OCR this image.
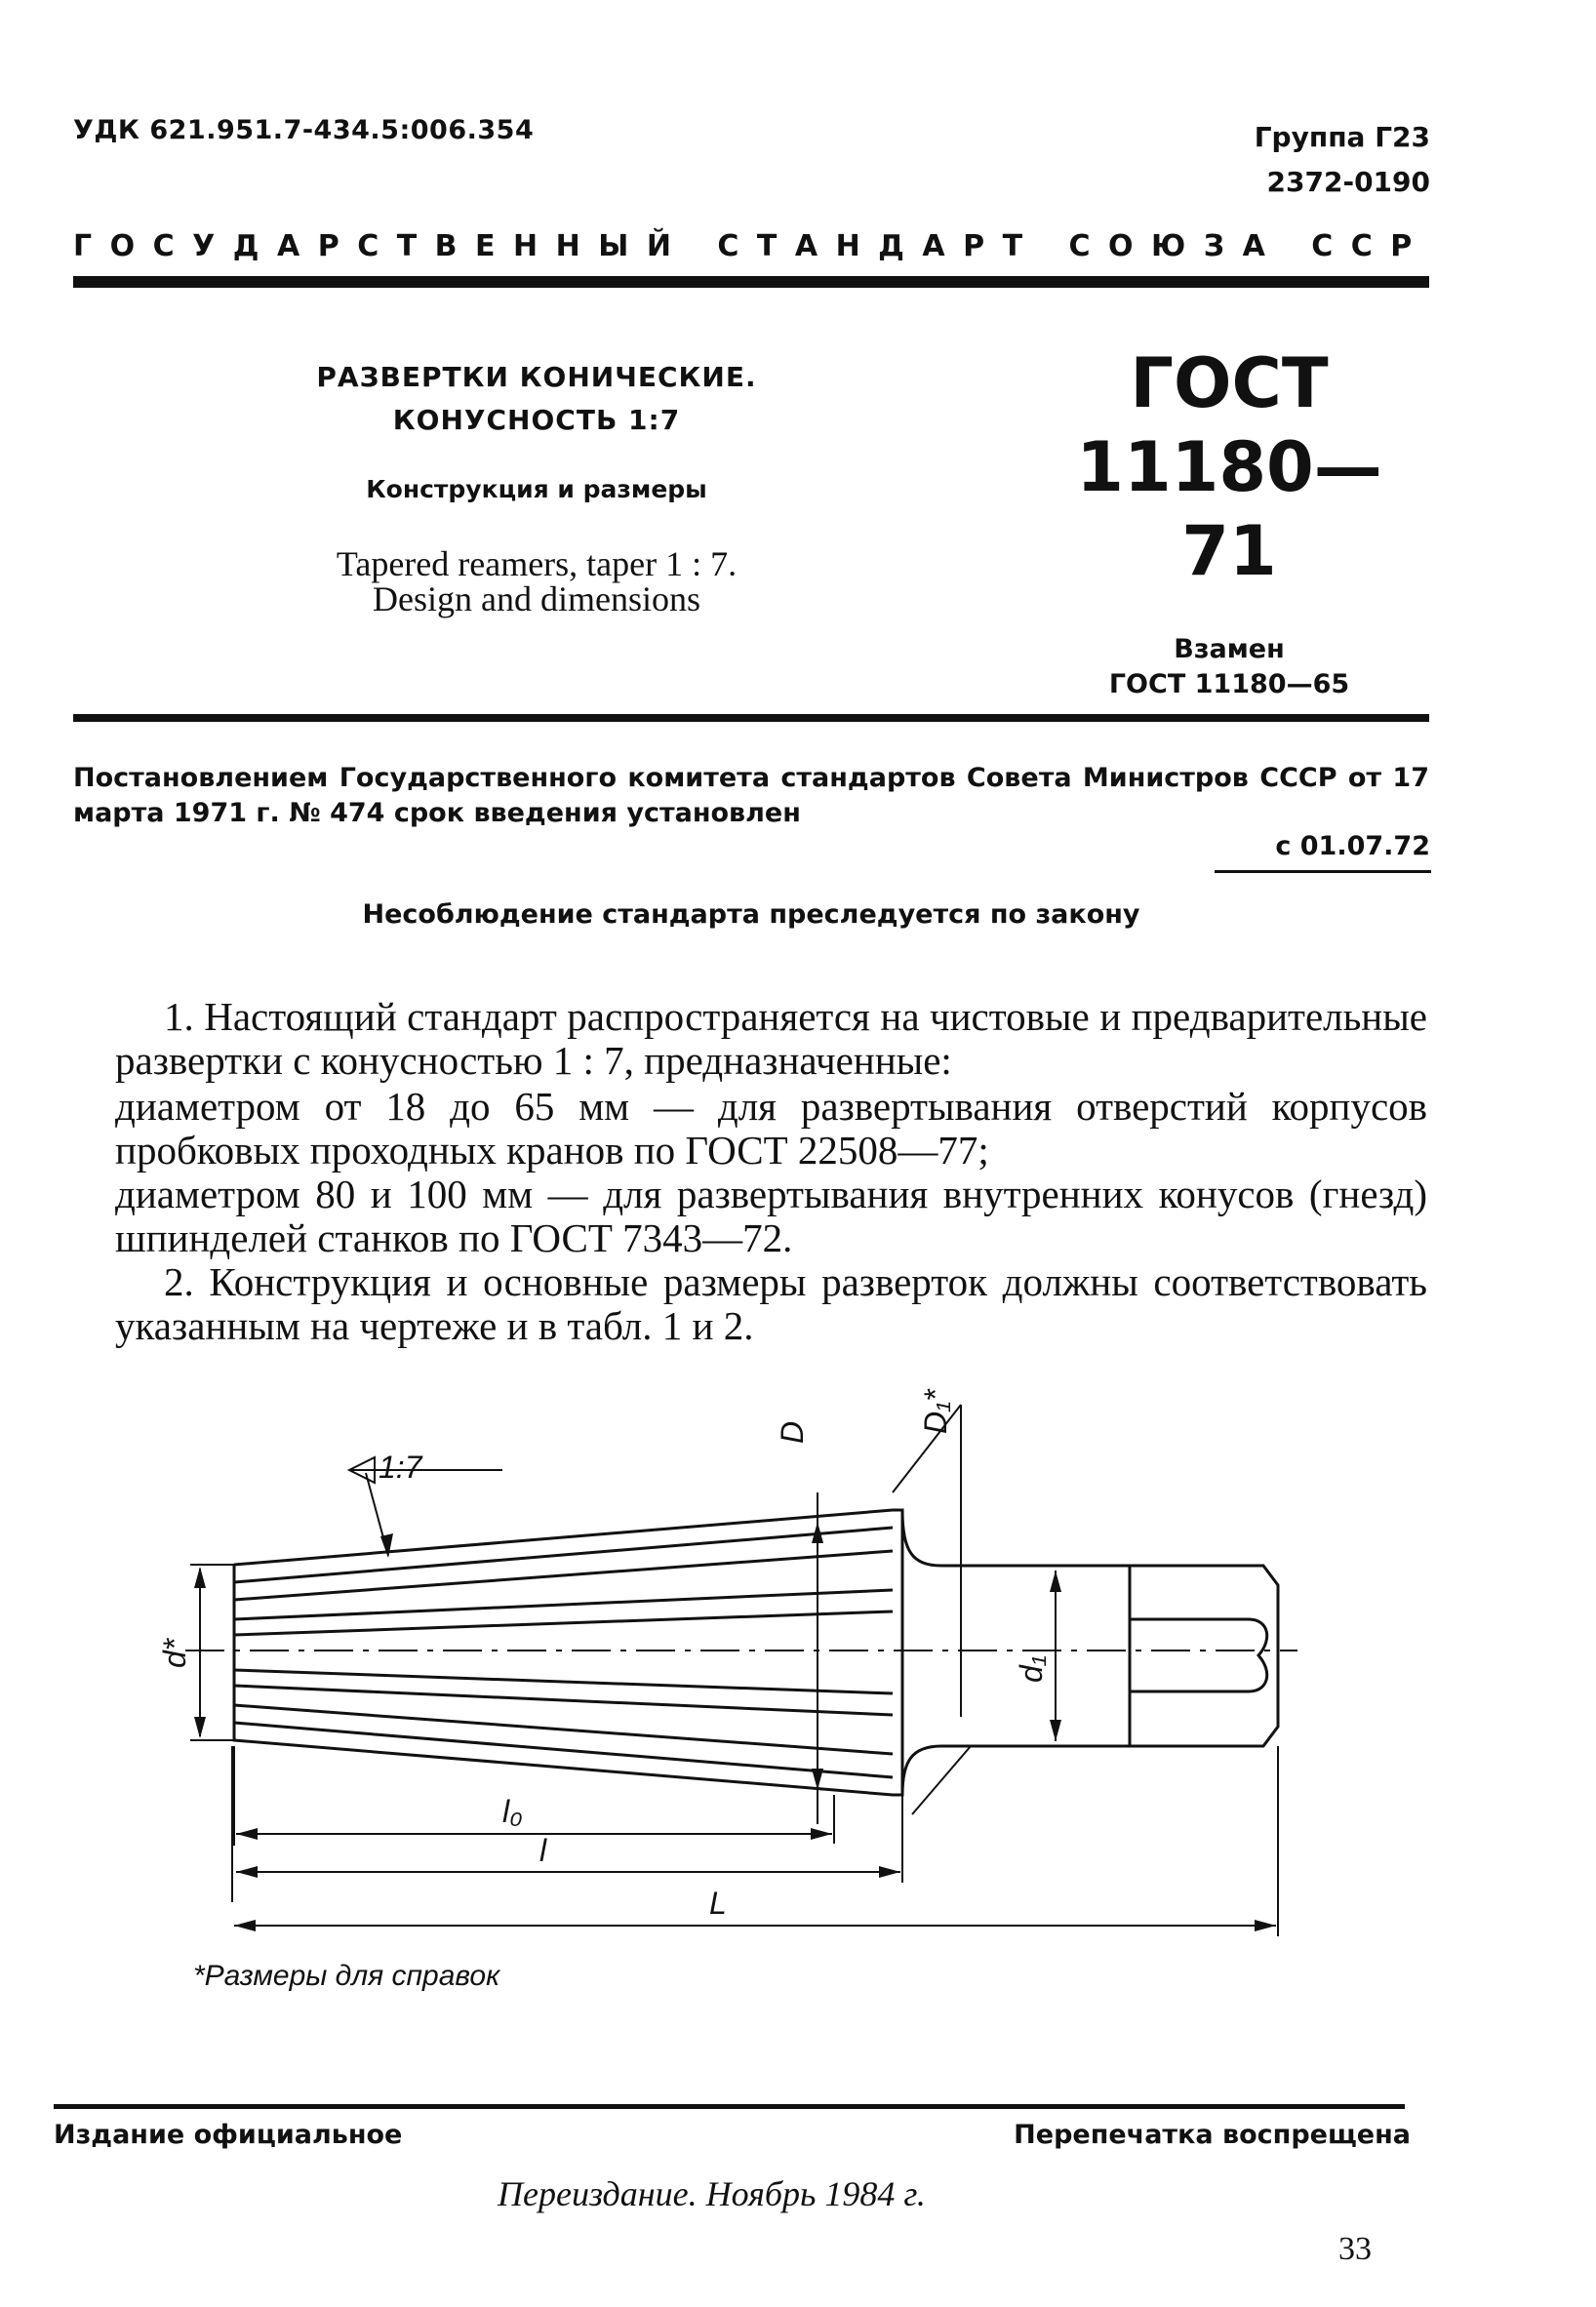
УДК 621.951.7-434.5:006.354	Группа Г23
2372-0190
ГОСУДАРСТВЕННЫЙ СТАНДАРТ СОЮЗА ССР
РАЗВЕРТКИ КОНИЧЕСКИЕ.
КОНУСНОСТЬ 1:7
Конструкция и размеры
Tapered reamers, taper 1 : 7.
Design and dimensions
ГОСТ
11180—71
Взамен
ГОСТ 11180—65
Постановлением Государственного комитета стандартов Совета Министров СССР от 17 марта 1971 г. № 474 срок введения установлен
с 01.07.72
Несоблюдение стандарта преследуется по закону
1. Настоящий стандарт распространяется на чистовые и предварительные развертки с конусностью 1 : 7, предназначенные:
диаметром от 18 до 65 мм — для развертывания отверстий корпусов пробковых проходных кранов по ГОСТ 22508—77;
диаметром 80 и 100 мм — для развертывания внутренних конусов (гнезд) шпинделей станков по ГОСТ 7343—72.
2. Конструкция и основные размеры разверток должны соответствовать указанным на чертеже и в табл. 1 и 2.
1:7
D	D₁*
d*
d₁
l₀
l
L
*Размеры для справок
Издание официальное	Перепечатка воспрещена
Переиздание. Ноябрь 1984 г.
33
